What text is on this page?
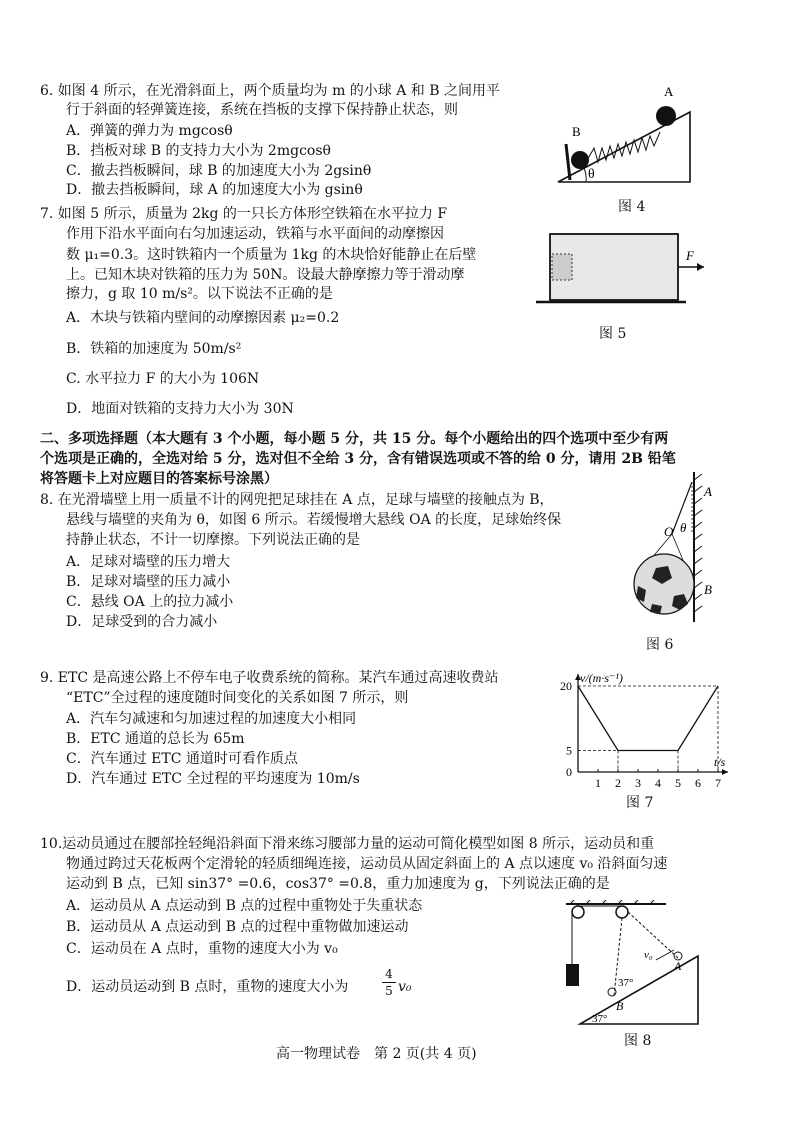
6. 如图 4 所示，在光滑斜面上，两个质量均为 m 的小球 A 和 B 之间用平
行于斜面的轻弹簧连接，系统在挡板的支撑下保持静止状态，则
A．弹簧的弹力为 mgcosθ
B．挡板对球 B 的支持力大小为 2mgcosθ
C．撤去挡板瞬间，球 B 的加速度大小为 2gsinθ
D．撤去挡板瞬间，球 A 的加速度大小为 gsinθ
B
A
θ
图 4
7. 如图 5 所示，质量为 2kg 的一只长方体形空铁箱在水平拉力 F
作用下沿水平面向右匀加速运动，铁箱与水平面间的动摩擦因
数 μ₁=0.3。这时铁箱内一个质量为 1kg 的木块恰好能静止在后壁
上。已知木块对铁箱的压力为 50N。设最大静摩擦力等于滑动摩
擦力，g 取 10 m/s²。以下说法不正确的是
A．木块与铁箱内壁间的动摩擦因素 μ₂=0.2
B．铁箱的加速度为 50m/s²
C. 水平拉力 F 的大小为 106N
D．地面对铁箱的支持力大小为 30N
F
图 5
二、多项选择题（本大题有 3 个小题，每小题 5 分，共 15 分。每个小题给出的四个选项中至少有两
个选项是正确的，全选对给 5 分，选对但不全给 3 分，含有错误选项或不答的给 0 分，请用 2B 铅笔
将答题卡上对应题目的答案标号涂黑）
8. 在光滑墙壁上用一质量不计的网兜把足球挂在 A 点，足球与墙壁的接触点为 B，
悬线与墙壁的夹角为 θ，如图 6 所示。若缓慢增大悬线 OA 的长度，足球始终保
持静止状态，不计一切摩擦。下列说法正确的是
A．足球对墙壁的压力增大
B．足球对墙壁的压力减小
C．悬线 OA 上的拉力减小
D．足球受到的合力减小
A
O θ
B
图 6
9. ETC 是高速公路上不停车电子收费系统的简称。某汽车通过高速收费站
“ETC”全过程的速度随时间变化的关系如图 7 所示，则
A．汽车匀减速和匀加速过程的加速度大小相同
B．ETC 通道的总长为 65m
C．汽车通过 ETC 通道时可看作质点
D．汽车通过 ETC 全过程的平均速度为 10m/s
v/(m·s⁻¹)
t/s
1 2 3 4 5 6 7
0
5
20
图 7
10.运动员通过在腰部拴轻绳沿斜面下滑来练习腰部力量的运动可简化模型如图 8 所示，运动员和重
物通过跨过天花板两个定滑轮的轻质细绳连接，运动员从固定斜面上的 A 点以速度 v₀ 沿斜面匀速
运动到 B 点，已知 sin37° =0.6，cos37° =0.8，重力加速度为 g，下列说法正确的是
A．运动员从 A 点运动到 B 点的过程中重物处于失重状态
B．运动员从 A 点运动到 B 点的过程中重物做加速运动
C．运动员在 A 点时，重物的速度大小为 v₀
D．运动员运动到 B 点时，重物的速度大小为	$\frac{4}{5} v_0$
v₀
A
B
37°
37°
图 8
高一物理试卷　第 2 页(共 4 页)
